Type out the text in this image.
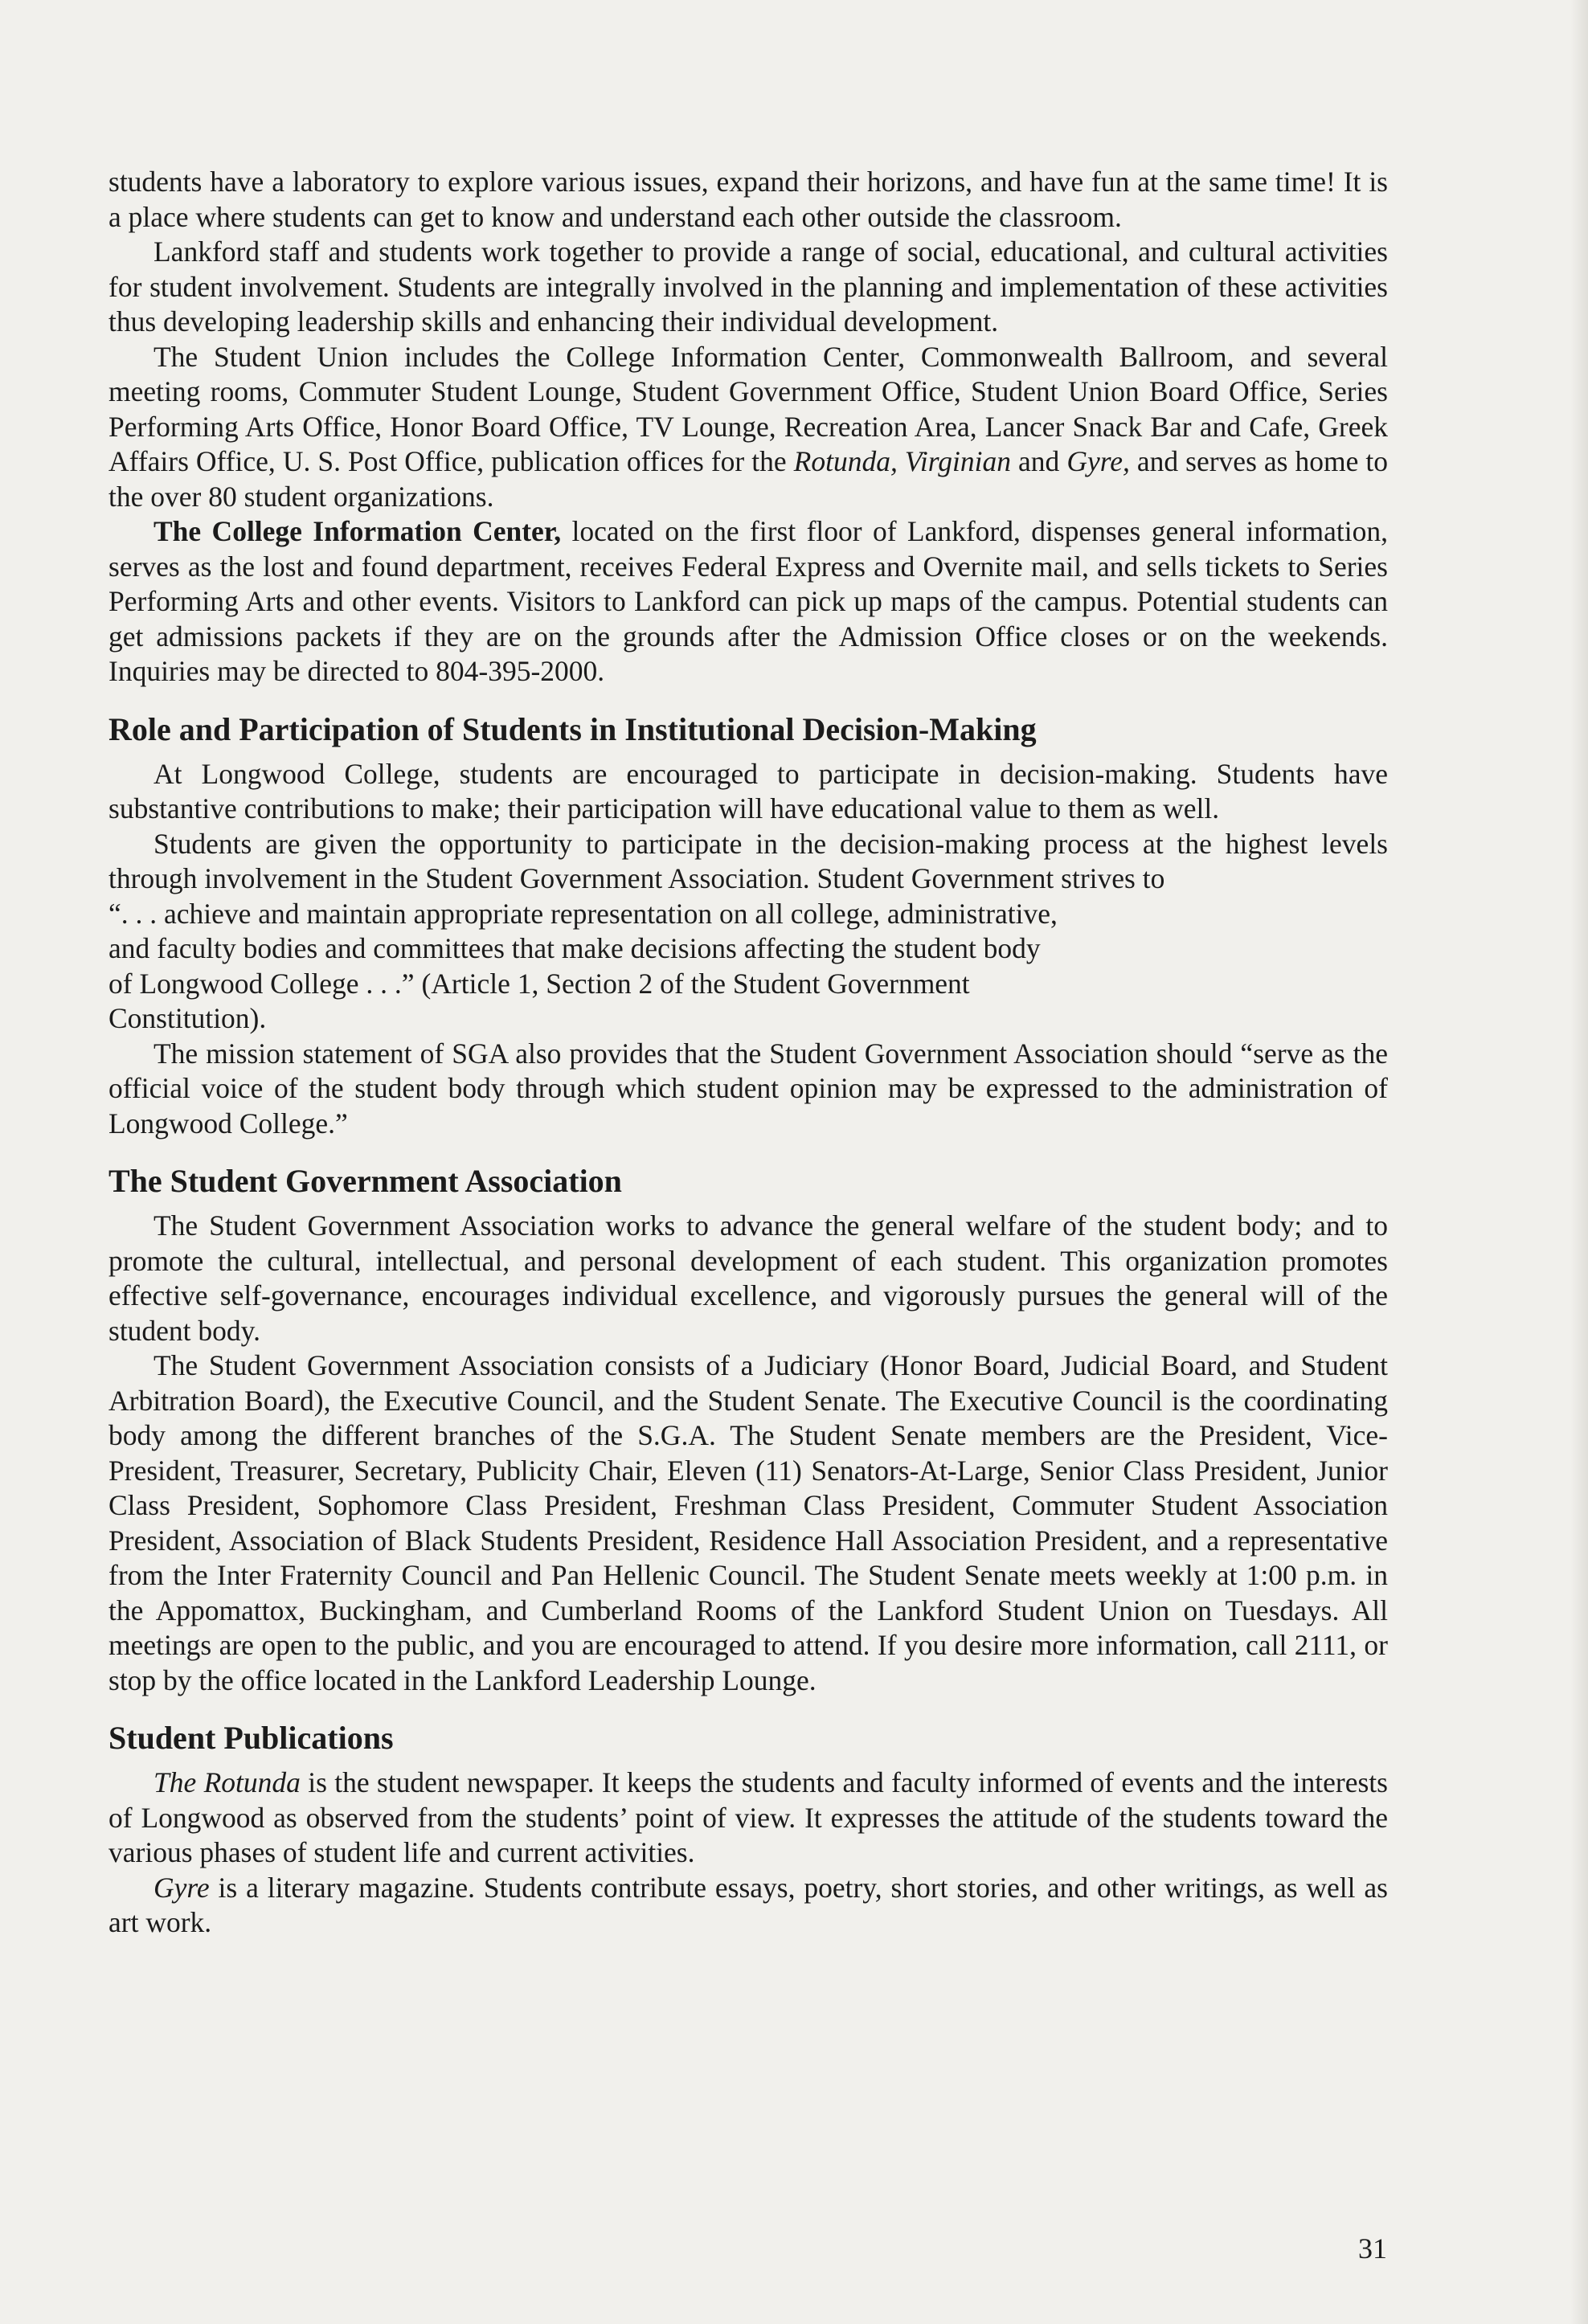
students have a laboratory to explore various issues, expand their horizons, and have fun at the same time! It is a place where students can get to know and understand each other outside the classroom.

Lankford staff and students work together to provide a range of social, educational, and cultural activities for student involvement. Students are integrally involved in the planning and implementation of these activities thus developing leadership skills and enhancing their individual development.

The Student Union includes the College Information Center, Commonwealth Ballroom, and several meeting rooms, Commuter Student Lounge, Student Government Office, Student Union Board Office, Series Performing Arts Office, Honor Board Office, TV Lounge, Recreation Area, Lancer Snack Bar and Cafe, Greek Affairs Office, U. S. Post Office, publication offices for the Rotunda, Virginian and Gyre, and serves as home to the over 80 student organizations.

The College Information Center, located on the first floor of Lankford, dispenses general information, serves as the lost and found department, receives Federal Express and Overnite mail, and sells tickets to Series Performing Arts and other events. Visitors to Lankford can pick up maps of the campus. Potential students can get admissions packets if they are on the grounds after the Admission Office closes or on the weekends. Inquiries may be directed to 804-395-2000.

Role and Participation of Students in Institutional Decision-Making

At Longwood College, students are encouraged to participate in decision-making. Students have substantive contributions to make; their participation will have educational value to them as well.

Students are given the opportunity to participate in the decision-making process at the highest levels through involvement in the Student Government Association. Student Government strives to

“. . . achieve and maintain appropriate representation on all college, administrative, and faculty bodies and committees that make decisions affecting the student body of Longwood College . . .” (Article 1, Section 2 of the Student Government Constitution).

The mission statement of SGA also provides that the Student Government Association should “serve as the official voice of the student body through which student opinion may be expressed to the administration of Longwood College.”

The Student Government Association

The Student Government Association works to advance the general welfare of the student body; and to promote the cultural, intellectual, and personal development of each student. This organization promotes effective self-governance, encourages individual excellence, and vigorously pursues the general will of the student body.

The Student Government Association consists of a Judiciary (Honor Board, Judicial Board, and Student Arbitration Board), the Executive Council, and the Student Senate. The Executive Council is the coordinating body among the different branches of the S.G.A. The Student Senate members are the President, Vice-President, Treasurer, Secretary, Publicity Chair, Eleven (11) Senators-At-Large, Senior Class President, Junior Class President, Sophomore Class President, Freshman Class President, Commuter Student Association President, Association of Black Students President, Residence Hall Association President, and a representative from the Inter Fraternity Council and Pan Hellenic Council. The Student Senate meets weekly at 1:00 p.m. in the Appomattox, Buckingham, and Cumberland Rooms of the Lankford Student Union on Tuesdays. All meetings are open to the public, and you are encouraged to attend. If you desire more information, call 2111, or stop by the office located in the Lankford Leadership Lounge.

Student Publications

The Rotunda is the student newspaper. It keeps the students and faculty informed of events and the interests of Longwood as observed from the students’ point of view. It expresses the attitude of the students toward the various phases of student life and current activities.

Gyre is a literary magazine. Students contribute essays, poetry, short stories, and other writings, as well as art work.

31
